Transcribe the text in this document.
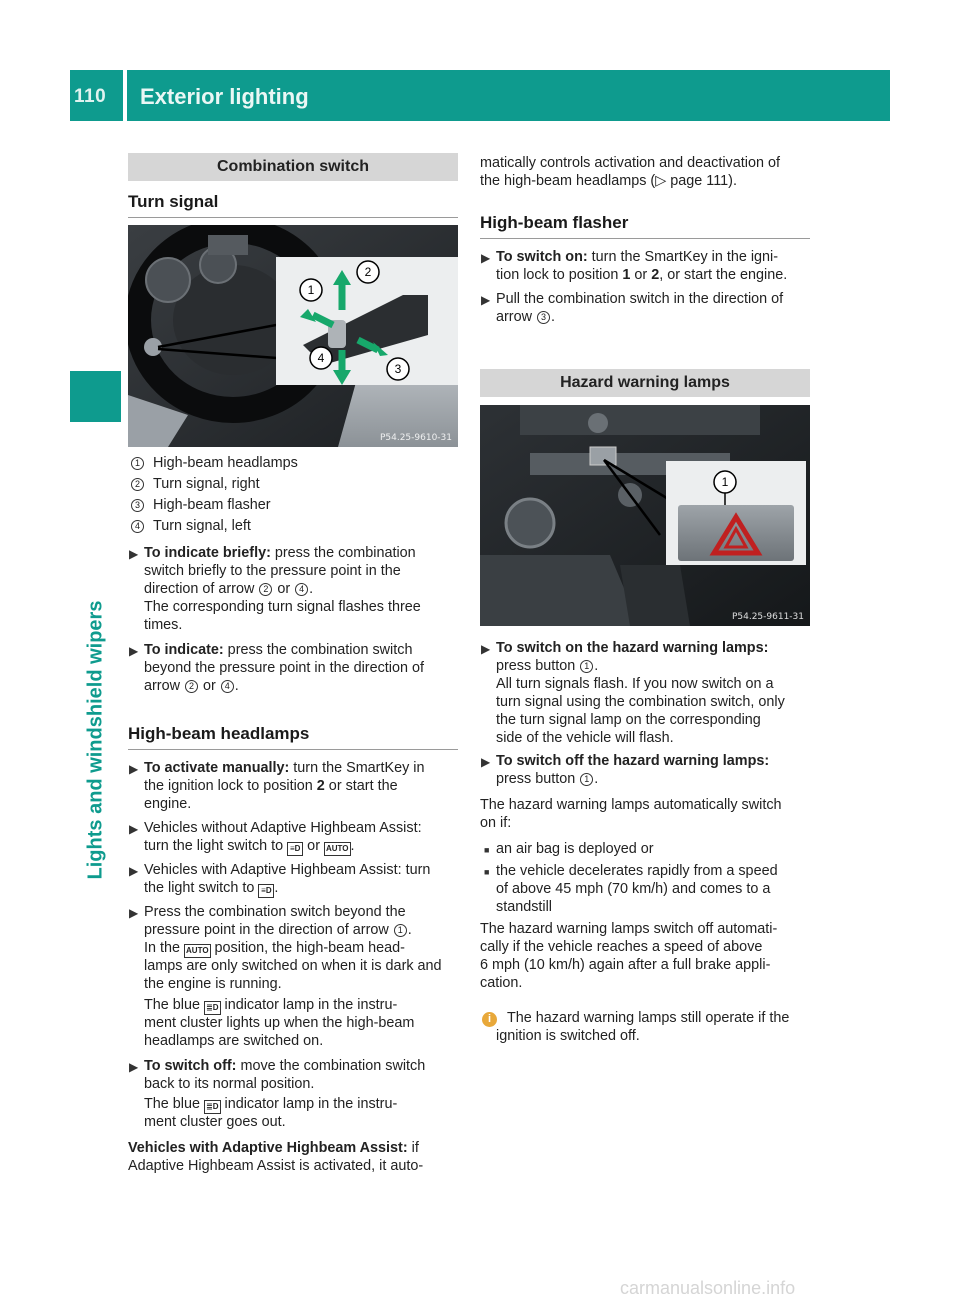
110 Exterior lighting
Lights and windshield wipers
Combination switch
Turn signal
1
2
3
4
P54.25-9610-31
1 High-beam headlamps
2 Turn signal, right
3 High-beam flasher
4 Turn signal, left
▶ To indicate briefly: press the combination
switch briefly to the pressure point in the
direction of arrow 2 or 4 .
The corresponding turn signal flashes three
times.
▶ To indicate: press the combination switch
beyond the pressure point in the direction of
arrow 2 or 4 .
High-beam headlamps
▶ To activate manually: turn the SmartKey in
the ignition lock to position 2 or start the
engine.
▶ Vehicles without Adaptive Highbeam Assist:
turn the light switch to ≡D or AUTO .
▶ Vehicles with Adaptive Highbeam Assist: turn
the light switch to ≡D .
▶ Press the combination switch beyond the
pressure point in the direction of arrow 1 .
In the AUTO position, the high-beam head-
lamps are only switched on when it is dark and
the engine is running.
The blue ≣D indicator lamp in the instru-
ment cluster lights up when the high-beam
headlamps are switched on.
▶ To switch off: move the combination switch
back to its normal position.
The blue ≣D indicator lamp in the instru-
ment cluster goes out.
Vehicles with Adaptive Highbeam Assist: if
Adaptive Highbeam Assist is activated, it auto-
matically controls activation and deactivation of
the high-beam headlamps (▷ page 111).
High-beam flasher
▶ To switch on: turn the SmartKey in the igni-
tion lock to position 1 or 2, or start the engine.
▶ Pull the combination switch in the direction of
arrow 3 .
Hazard warning lamps
1
P54.25-9611-31
▶ To switch on the hazard warning lamps:
press button 1 .
All turn signals flash. If you now switch on a
turn signal using the combination switch, only
the turn signal lamp on the corresponding
side of the vehicle will flash.
▶ To switch off the hazard warning lamps:
press button 1 .
The hazard warning lamps automatically switch
on if:
■ an air bag is deployed or
■ the vehicle decelerates rapidly from a speed
of above 45 mph (70 km/h) and comes to a
standstill
The hazard warning lamps switch off automati-
cally if the vehicle reaches a speed of above
6 mph (10 km/h) again after a full brake appli-
cation.
i	The hazard warning lamps still operate if the
ignition is switched off.
carmanualsonline.info
